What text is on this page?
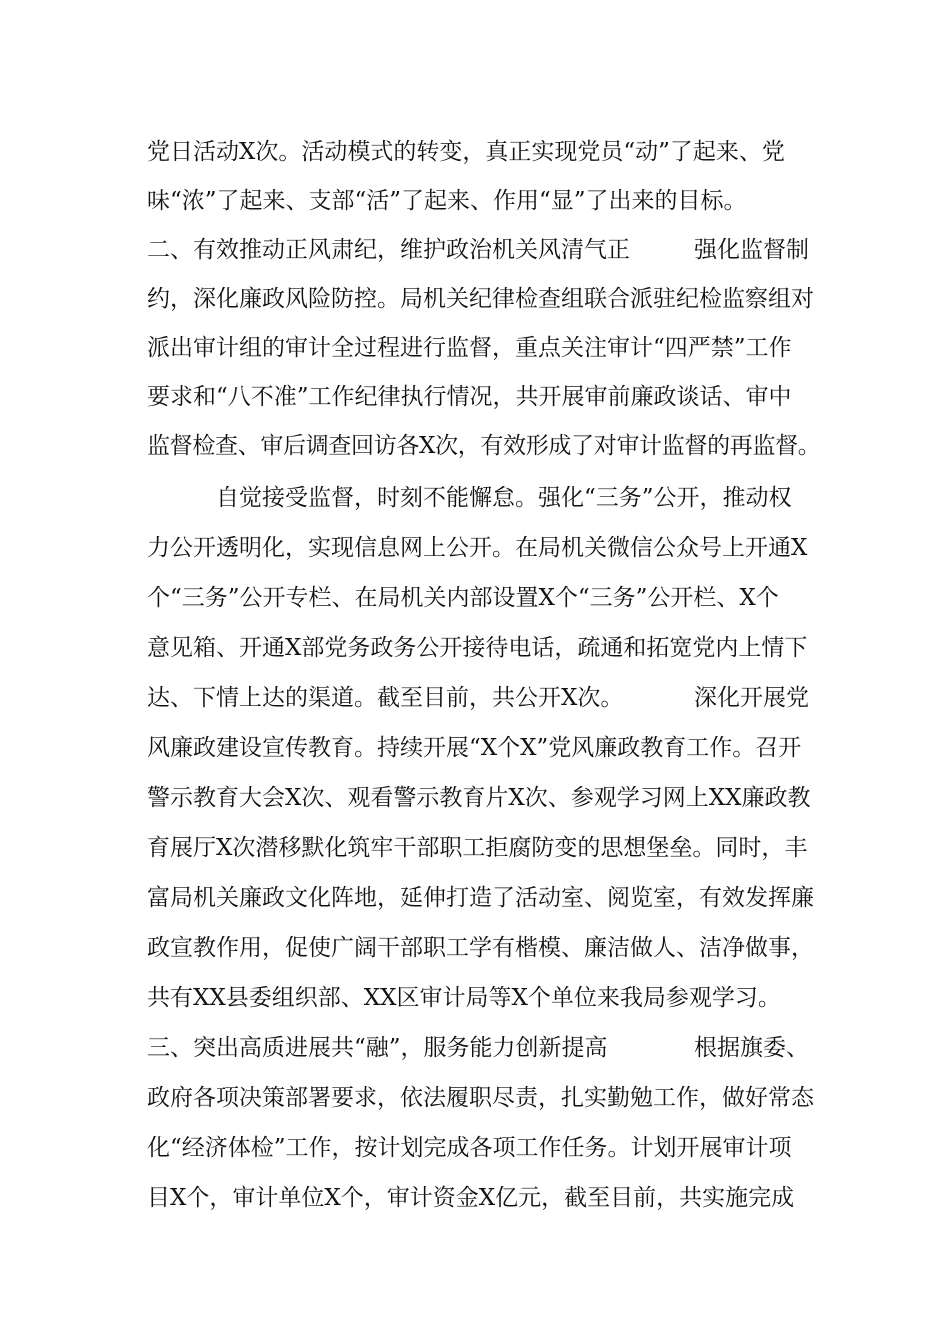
党日活动Ⅹ次。活动模式的转变，真正实现党员“动”了起来、党
味“浓”了起来、支部“活”了起来、作用“显”了出来的目标。
二、有效推动正风肃纪，维护政治机关风清气正	强化监督制
约，深化廉政风险防控。局机关纪律检查组联合派驻纪检监察组对
派出审计组的审计全过程进行监督，重点关注审计“四严禁”工作
要求和“八不准”工作纪律执行情况，共开展审前廉政谈话、审中
监督检查、审后调查回访各Ⅹ次，有效形成了对审计监督的再监督。
自觉接受监督，时刻不能懈怠。强化“三务”公开，推动权
力公开透明化，实现信息网上公开。在局机关微信公众号上开通Ⅹ
个“三务”公开专栏、在局机关内部设置Ⅹ个“三务”公开栏、Ⅹ个
意见箱、开通Ⅹ部党务政务公开接待电话，疏通和拓宽党内上情下
达、下情上达的渠道。截至目前，共公开Ⅹ次。	深化开展党
风廉政建设宣传教育。持续开展“Ⅹ个Ⅹ”党风廉政教育工作。召开
警示教育大会Ⅹ次、观看警示教育片Ⅹ次、参观学习网上XX廉政教
育展厅Ⅹ次潜移默化筑牢干部职工拒腐防变的思想堡垒。同时，丰
富局机关廉政文化阵地，延伸打造了活动室、阅览室，有效发挥廉
政宣教作用，促使广阔干部职工学有楷模、廉洁做人、洁净做事，
共有XX县委组织部、XX区审计局等Ⅹ个单位来我局参观学习。
三、突出高质进展共“融”，服务能力创新提高	根据旗委、
政府各项决策部署要求，依法履职尽责，扎实勤勉工作，做好常态
化“经济体检”工作，按计划完成各项工作任务。计划开展审计项
目Ⅹ个，审计单位Ⅹ个，审计资金Ⅹ亿元，截至目前，共实施完成
